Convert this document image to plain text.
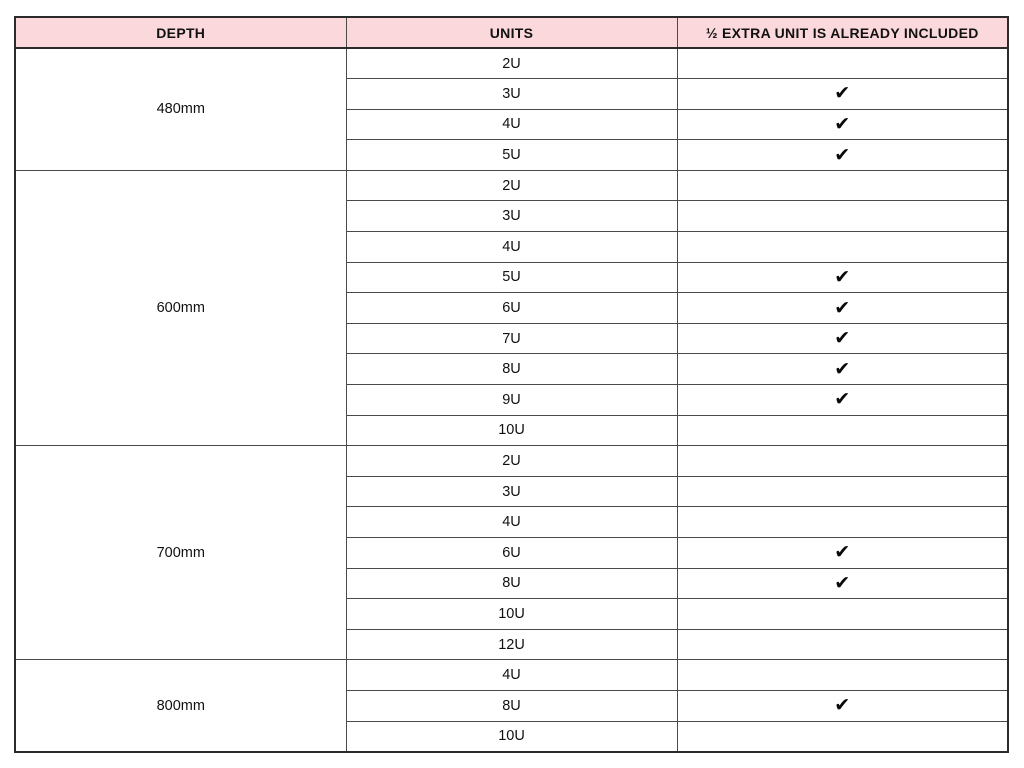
DEPTH	UNITS	½ EXTRA UNIT IS ALREADY INCLUDED
480mm	2U	
	3U	✔
	4U	✔
	5U	✔
600mm	2U	
	3U	
	4U	
	5U	✔
	6U	✔
	7U	✔
	8U	✔
	9U	✔
	10U	
700mm	2U	
	3U	
	4U	
	6U	✔
	8U	✔
	10U	
	12U	
800mm	4U	
	8U	✔
	10U	
